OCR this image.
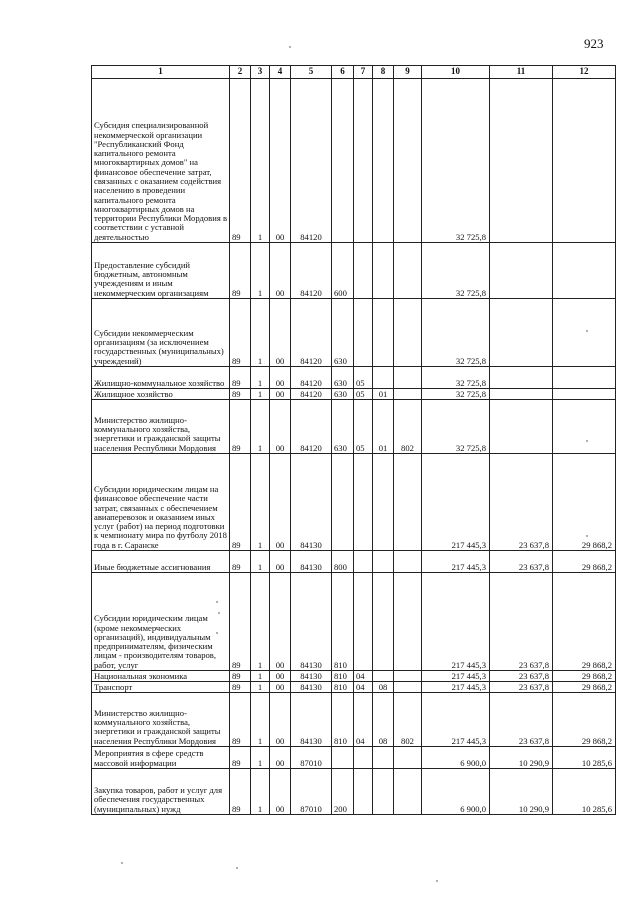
923
1	2	3	4	5	6	7	8	9	10	11	12
Субсидия специализированной некоммерческой организации "Республиканский Фонд капитального ремонта многоквартирных домов" на финансовое обеспечение затрат, связанных с оказанием содействия населению в проведении капитального ремонта многоквартирных домов на территории Республики Мордовия в соответствии с уставной деятельностью	89	1	00	84120					32 725,8		
Предоставление субсидий бюджетным, автономным учреждениям и иным некоммерческим организациям	89	1	00	84120	600				32 725,8		
Субсидии некоммерческим организациям (за исключением государственных (муниципальных) учреждений)	89	1	00	84120	630				32 725,8		
Жилищно-коммунальное хозяйство	89	1	00	84120	630	05			32 725,8		
Жилищное хозяйство	89	1	00	84120	630	05	01		32 725,8		
Министерство жилищно-коммунального хозяйства, энергетики и гражданской защиты населения Республики Мордовия	89	1	00	84120	630	05	01	802	32 725,8		
Субсидии юридическим лицам на финансовое обеспечение части затрат, связанных с обеспечением авиаперевозок и оказанием иных услуг (работ) на период подготовки к чемпионату мира по футболу 2018 года в г. Саранске	89	1	00	84130					217 445,3	23 637,8	29 868,2
Иные бюджетные ассигнования	89	1	00	84130	800				217 445,3	23 637,8	29 868,2
Субсидии юридическим лицам (кроме некоммерческих организаций), индивидуальным предпринимателям, физическим лицам - производителям товаров, работ, услуг	89	1	00	84130	810				217 445,3	23 637,8	29 868,2
Национальная экономика	89	1	00	84130	810	04			217 445,3	23 637,8	29 868,2
Транспорт	89	1	00	84130	810	04	08		217 445,3	23 637,8	29 868,2
Министерство жилищно-коммунального хозяйства, энергетики и гражданской защиты населения Республики Мордовия	89	1	00	84130	810	04	08	802	217 445,3	23 637,8	29 868,2
Мероприятия в сфере средств массовой информации	89	1	00	87010					6 900,0	10 290,9	10 285,6
Закупка товаров, работ и услуг для обеспечения государственных (муниципальных) нужд	89	1	00	87010	200				6 900,0	10 290,9	10 285,6
